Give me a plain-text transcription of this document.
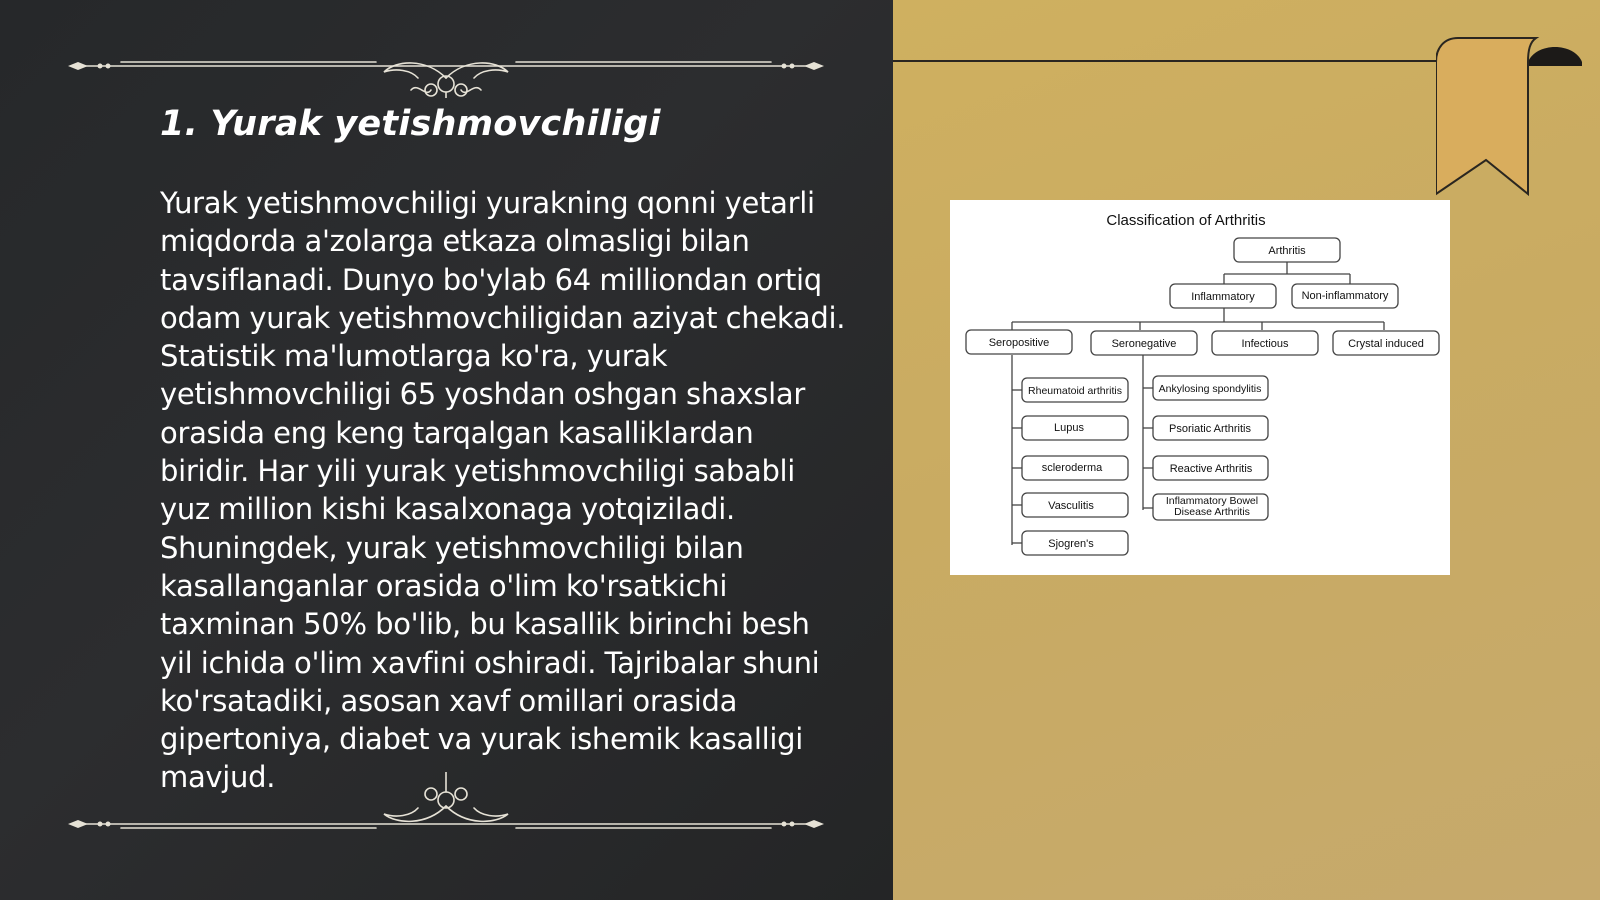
1. Yurak yetishmovchiligi

Yurak yetishmovchiligi yurakning qonni yetarli miqdorda a'zolarga etkaza olmasligi bilan tavsiflanadi. Dunyo bo'ylab 64 milliondan ortiq odam yurak yetishmovchiligidan aziyat chekadi. Statistik ma'lumotlarga ko'ra, yurak yetishmovchiligi 65 yoshdan oshgan shaxslar orasida eng keng tarqalgan kasalliklardan biridir. Har yili yurak yetishmovchiligi sababli yuz million kishi kasalxonaga yotqiziladi. Shuningdek, yurak yetishmovchiligi bilan kasallanganlar orasida o'lim ko'rsatkichi taxminan 50% bo'lib, bu kasallik birinchi besh yil ichida o'lim xavfini oshiradi. Tajribalar shuni ko'rsatadiki, asosan xavf omillari orasida gipertoniya, diabet va yurak ishemik kasalligi mavjud.

Classification of Arthritis
Arthritis
Inflammatory	Non-inflammatory
Seropositive	Seronegative	Infectious	Crystal induced
Rheumatoid arthritis
Lupus
scleroderma
Vasculitis
Sjogren's
Ankylosing spondylitis
Psoriatic Arthritis
Reactive Arthritis
Inflammatory Bowel Disease Arthritis
